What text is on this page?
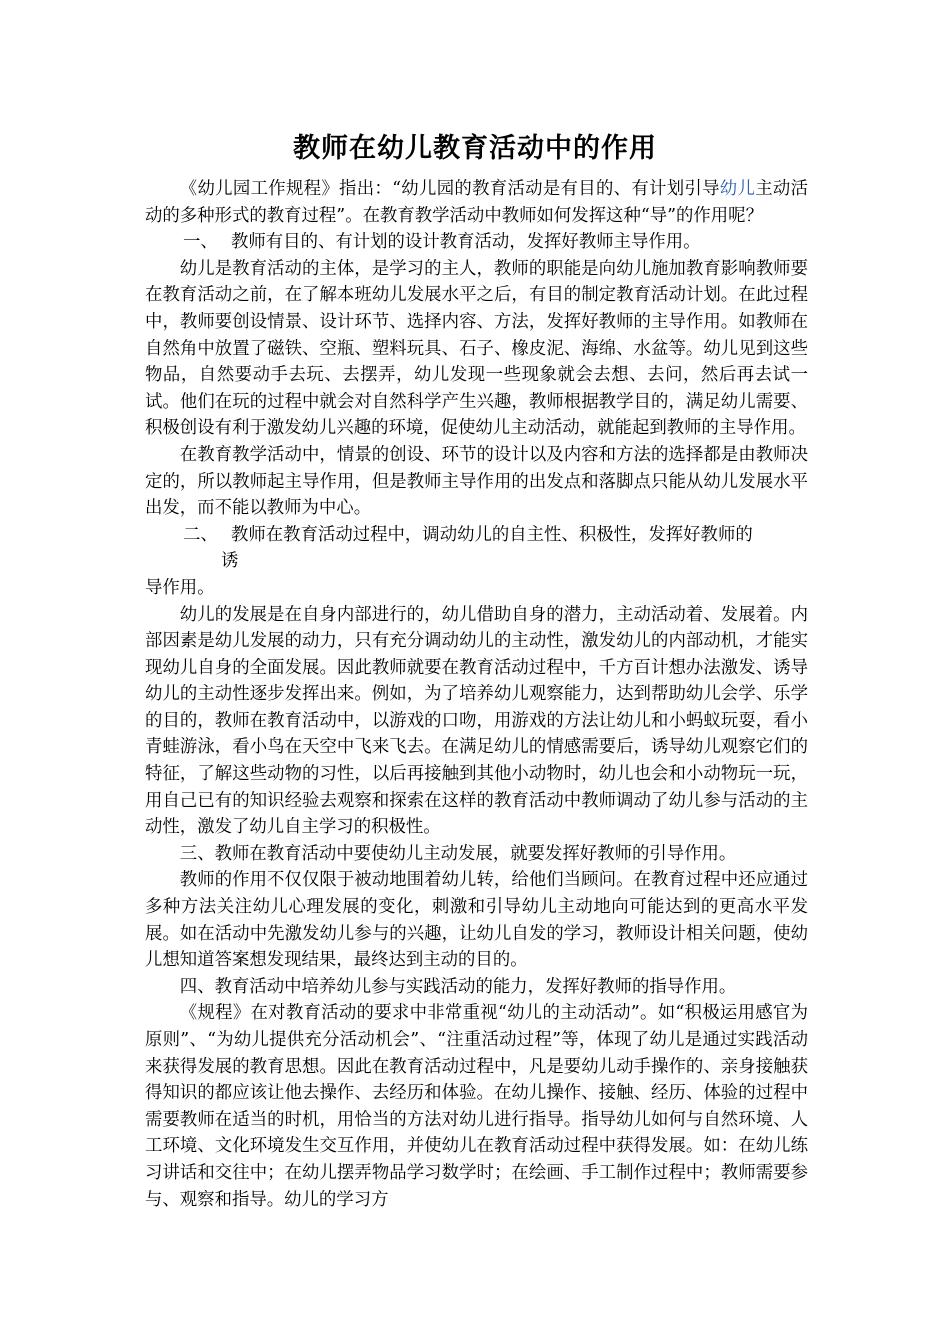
教师在幼儿教育活动中的作用

《幼儿园工作规程》指出：“幼儿园的教育活动是有目的、有计划引导幼儿主动活动的多种形式的教育过程”。在教育教学活动中教师如何发挥这种“导”的作用呢？

一、 教师有目的、有计划的设计教育活动，发挥好教师主导作用。

幼儿是教育活动的主体，是学习的主人，教师的职能是向幼儿施加教育影响教师要在教育活动之前，在了解本班幼儿发展水平之后，有目的制定教育活动计划。在此过程中，教师要创设情景、设计环节、选择内容、方法，发挥好教师的主导作用。如教师在自然角中放置了磁铁、空瓶、塑料玩具、石子、橡皮泥、海绵、水盆等。幼儿见到这些物品，自然要动手去玩、去摆弄，幼儿发现一些现象就会去想、去问，然后再去试一试。他们在玩的过程中就会对自然科学产生兴趣，教师根据教学目的，满足幼儿需要、积极创设有利于激发幼儿兴趣的环境，促使幼儿主动活动，就能起到教师的主导作用。

在教育教学活动中，情景的创设、环节的设计以及内容和方法的选择都是由教师决定的，所以教师起主导作用，但是教师主导作用的出发点和落脚点只能从幼儿发展水平出发，而不能以教师为中心。

二、 教师在教育活动过程中，调动幼儿的自主性、积极性，发挥好教师的
诱
导作用。

幼儿的发展是在自身内部进行的，幼儿借助自身的潜力，主动活动着、发展着。内部因素是幼儿发展的动力，只有充分调动幼儿的主动性，激发幼儿的内部动机，才能实现幼儿自身的全面发展。因此教师就要在教育活动过程中，千方百计想办法激发、诱导幼儿的主动性逐步发挥出来。例如，为了培养幼儿观察能力，达到帮助幼儿会学、乐学的目的，教师在教育活动中，以游戏的口吻，用游戏的方法让幼儿和小蚂蚁玩耍，看小青蛙游泳，看小鸟在天空中飞来飞去。在满足幼儿的情感需要后，诱导幼儿观察它们的特征，了解这些动物的习性，以后再接触到其他小动物时，幼儿也会和小动物玩一玩，用自己已有的知识经验去观察和探索在这样的教育活动中教师调动了幼儿参与活动的主动性，激发了幼儿自主学习的积极性。

三、教师在教育活动中要使幼儿主动发展，就要发挥好教师的引导作用。

教师的作用不仅仅限于被动地围着幼儿转，给他们当顾问。在教育过程中还应通过多种方法关注幼儿心理发展的变化，刺激和引导幼儿主动地向可能达到的更高水平发展。如在活动中先激发幼儿参与的兴趣，让幼儿自发的学习，教师设计相关问题，使幼儿想知道答案想发现结果，最终达到主动的目的。

四、教育活动中培养幼儿参与实践活动的能力，发挥好教师的指导作用。

《规程》在对教育活动的要求中非常重视“幼儿的主动活动”。如“积极运用感官为原则”、“为幼儿提供充分活动机会”、“注重活动过程”等，体现了幼儿是通过实践活动来获得发展的教育思想。因此在教育活动过程中，凡是要幼儿动手操作的、亲身接触获得知识的都应该让他去操作、去经历和体验。在幼儿操作、接触、经历、体验的过程中需要教师在适当的时机，用恰当的方法对幼儿进行指导。指导幼儿如何与自然环境、人工环境、文化环境发生交互作用，并使幼儿在教育活动过程中获得发展。如：在幼儿练习讲话和交往中；在幼儿摆弄物品学习数学时；在绘画、手工制作过程中；教师需要参与、观察和指导。幼儿的学习方
